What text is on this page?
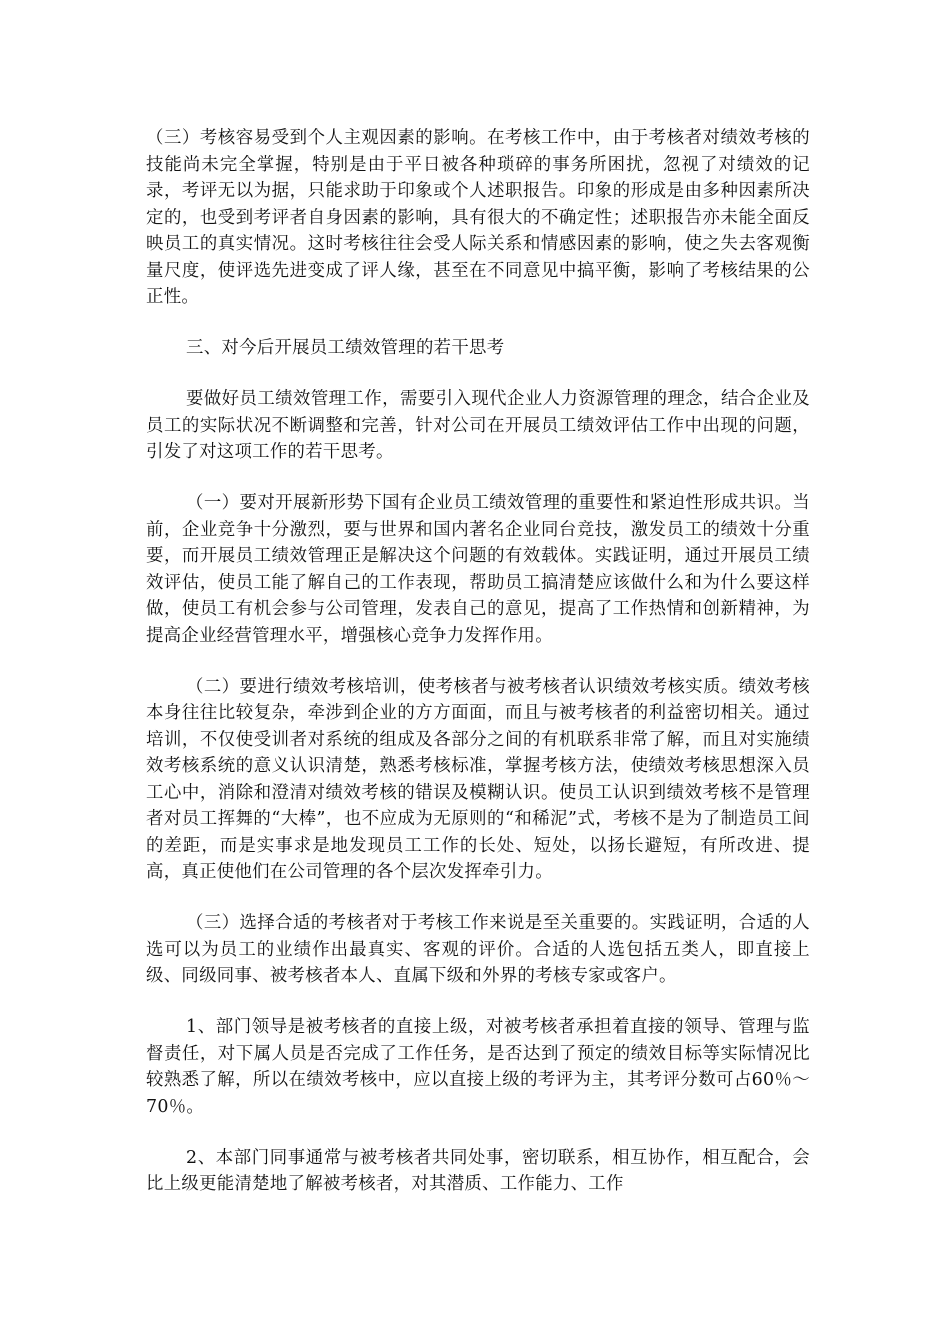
（三）考核容易受到个人主观因素的影响。在考核工作中，由于考核者对绩效考核的技能尚未完全掌握，特别是由于平日被各种琐碎的事务所困扰，忽视了对绩效的记录，考评无以为据，只能求助于印象或个人述职报告。印象的形成是由多种因素所决定的，也受到考评者自身因素的影响，具有很大的不确定性；述职报告亦未能全面反映员工的真实情况。这时考核往往会受人际关系和情感因素的影响，使之失去客观衡量尺度，使评选先进变成了评人缘，甚至在不同意见中搞平衡，影响了考核结果的公正性。

三、对今后开展员工绩效管理的若干思考

要做好员工绩效管理工作，需要引入现代企业人力资源管理的理念，结合企业及员工的实际状况不断调整和完善，针对公司在开展员工绩效评估工作中出现的问题，引发了对这项工作的若干思考。

（一）要对开展新形势下国有企业员工绩效管理的重要性和紧迫性形成共识。当前，企业竞争十分激烈，要与世界和国内著名企业同台竞技，激发员工的绩效十分重要，而开展员工绩效管理正是解决这个问题的有效载体。实践证明，通过开展员工绩效评估，使员工能了解自己的工作表现，帮助员工搞清楚应该做什么和为什么要这样做，使员工有机会参与公司管理，发表自己的意见，提高了工作热情和创新精神，为提高企业经营管理水平，增强核心竞争力发挥作用。

（二）要进行绩效考核培训，使考核者与被考核者认识绩效考核实质。绩效考核本身往往比较复杂，牵涉到企业的方方面面，而且与被考核者的利益密切相关。通过培训，不仅使受训者对系统的组成及各部分之间的有机联系非常了解，而且对实施绩效考核系统的意义认识清楚，熟悉考核标准，掌握考核方法，使绩效考核思想深入员工心中，消除和澄清对绩效考核的错误及模糊认识。使员工认识到绩效考核不是管理者对员工挥舞的“大棒”，也不应成为无原则的“和稀泥”式，考核不是为了制造员工间的差距，而是实事求是地发现员工工作的长处、短处，以扬长避短，有所改进、提高，真正使他们在公司管理的各个层次发挥牵引力。

（三）选择合适的考核者对于考核工作来说是至关重要的。实践证明，合适的人选可以为员工的业绩作出最真实、客观的评价。合适的人选包括五类人，即直接上级、同级同事、被考核者本人、直属下级和外界的考核专家或客户。

1、部门领导是被考核者的直接上级，对被考核者承担着直接的领导、管理与监督责任，对下属人员是否完成了工作任务，是否达到了预定的绩效目标等实际情况比较熟悉了解，所以在绩效考核中，应以直接上级的考评为主，其考评分数可占60％～70％。

2、本部门同事通常与被考核者共同处事，密切联系，相互协作，相互配合，会比上级更能清楚地了解被考核者，对其潜质、工作能力、工作
